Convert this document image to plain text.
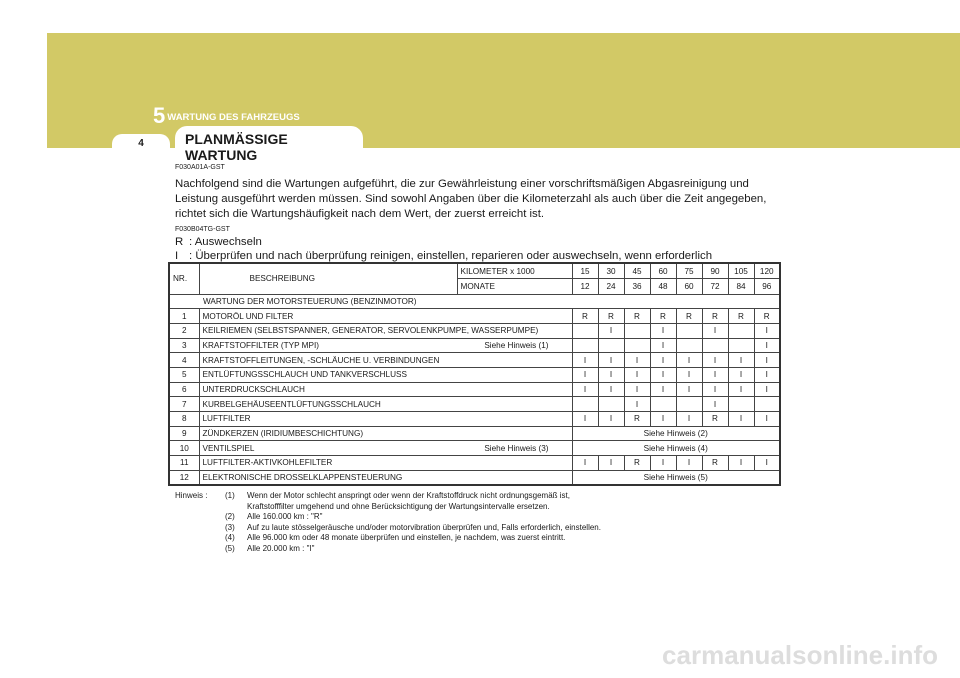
4	PLANMÄSSIGE WARTUNG
5 WARTUNG DES FAHRZEUGS
F030A01A-GST
Nachfolgend sind die Wartungen aufgeführt, die zur Gewährleistung einer vorschriftsmäßigen Abgasreinigung und Leistung ausgeführt werden müssen. Sind sowohl Angaben über die Kilometerzahl als auch über die Zeit angegeben, richtet sich die Wartungshäufigkeit nach dem Wert, der zuerst erreicht ist.
F030B04TG-GST
R : Auswechseln
I : Überprüfen und nach überprüfung reinigen, einstellen, reparieren oder auswechseln, wenn erforderlich
NR.	BESCHREIBUNG	KILOMETER x 1000	15	30	45	60	75	90	105	120
		MONATE	12	24	36	48	60	72	84	96
WARTUNG DER MOTORSTEUERUNG (BENZINMOTOR)										
1	MOTORÖL UND FILTER		R	R	R	R	R	R	R	R
2	KEILRIEMEN (SELBSTSPANNER, GENERATOR, SERVOLENKPUMPE, WASSERPUMPE)			I		I		I		I
3	KRAFTSTOFFILTER (TYP MPI) Siehe Hinweis (1)					I				I
4	KRAFTSTOFFLEITUNGEN, -SCHLÄUCHE U. VERBINDUNGEN		I	I	I	I	I	I	I	I
5	ENTLÜFTUNGSSCHLAUCH UND TANKVERSCHLUSS		I	I	I	I	I	I	I	I
6	UNTERDRUCKSCHLAUCH		I	I	I	I	I	I	I	I
7	KURBELGEHÄUSEENTLÜFTUNGSSCHLAUCH				I			I		
8	LUFTFILTER		I	I	R	I	I	R	I	I
9	ZÜNDKERZEN (IRIDIUMBESCHICHTUNG)		Siehe Hinweis (2)							
10	VENTILSPIEL Siehe Hinweis (3)		Siehe Hinweis (4)							
11	LUFTFILTER-AKTIVKOHLEFILTER		I	I	R	I	I	R	I	I
12	ELEKTRONISCHE DROSSELKLAPPENSTEUERUNG		Siehe Hinweis (5)							
Hinweis :	(1)	Wenn der Motor schlecht anspringt oder wenn der Kraftstoffdruck nicht ordnungsgemäß ist,
Kraftstofffilter umgehend und ohne Berücksichtigung der Wartungsintervalle ersetzen.
(2)	Alle 160.000 km : "R"
(3)	Auf zu laute stösselgeräusche und/oder motorvibration überprüfen und, Falls erforderlich, einstellen.
(4)	Alle 96.000 km oder 48 monate überprüfen und einstellen, je nachdem, was zuerst eintritt.
(5)	Alle 20.000 km : "I"
carmanualsonline.info
